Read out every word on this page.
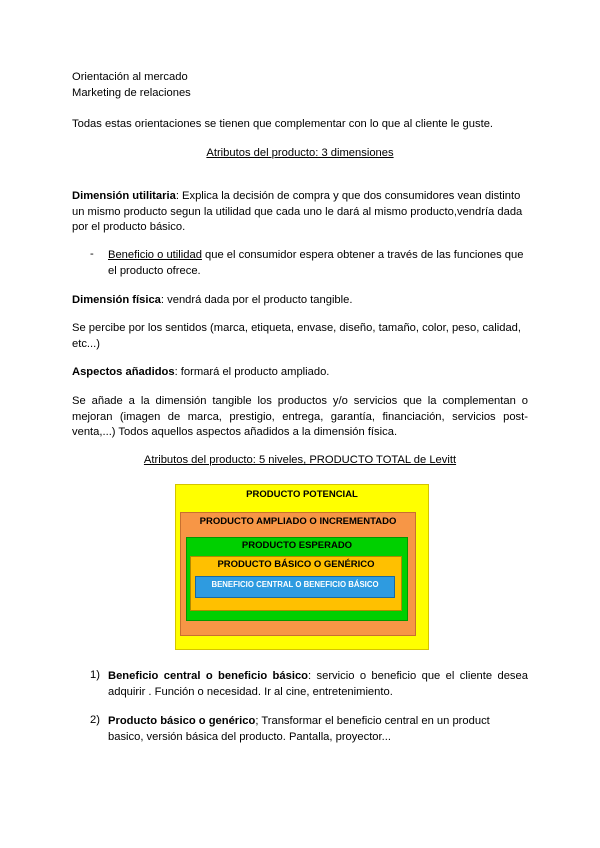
Orientación al mercado
Marketing de relaciones
Todas estas orientaciones se tienen que complementar con lo que al cliente le guste.
Atributos del producto: 3 dimensiones
Dimensión utilitaria: Explica la decisión de compra y que dos consumidores vean distinto un mismo producto segun la utilidad que cada uno le dará al mismo producto,vendría dada por el producto básico.
- Beneficio o utilidad que el consumidor espera obtener a través de las funciones que el producto ofrece.
Dimensión física: vendrá dada por el producto tangible.
Se percibe por los sentidos (marca, etiqueta, envase, diseño, tamaño, color, peso, calidad, etc...)
Aspectos añadidos: formará el producto ampliado.
Se añade a la dimensión tangible los productos y/o servicios que la complementan o mejoran (imagen de marca, prestigio, entrega, garantía, financiación, servicios post-venta,...) Todos aquellos aspectos añadidos a la dimensión física.
Atributos del producto: 5 niveles, PRODUCTO TOTAL de Levitt
PRODUCTO POTENCIAL
PRODUCTO AMPLIADO O INCREMENTADO
PRODUCTO ESPERADO
PRODUCTO BÁSICO O GENÉRICO
BENEFICIO CENTRAL O BENEFICIO BÁSICO
1) Beneficio central o beneficio básico: servicio o beneficio que el cliente desea adquirir . Función o necesidad. Ir al cine, entretenimiento.
2) Producto básico o genérico; Transformar el beneficio central en un product basico, versión básica del producto. Pantalla, proyector...
